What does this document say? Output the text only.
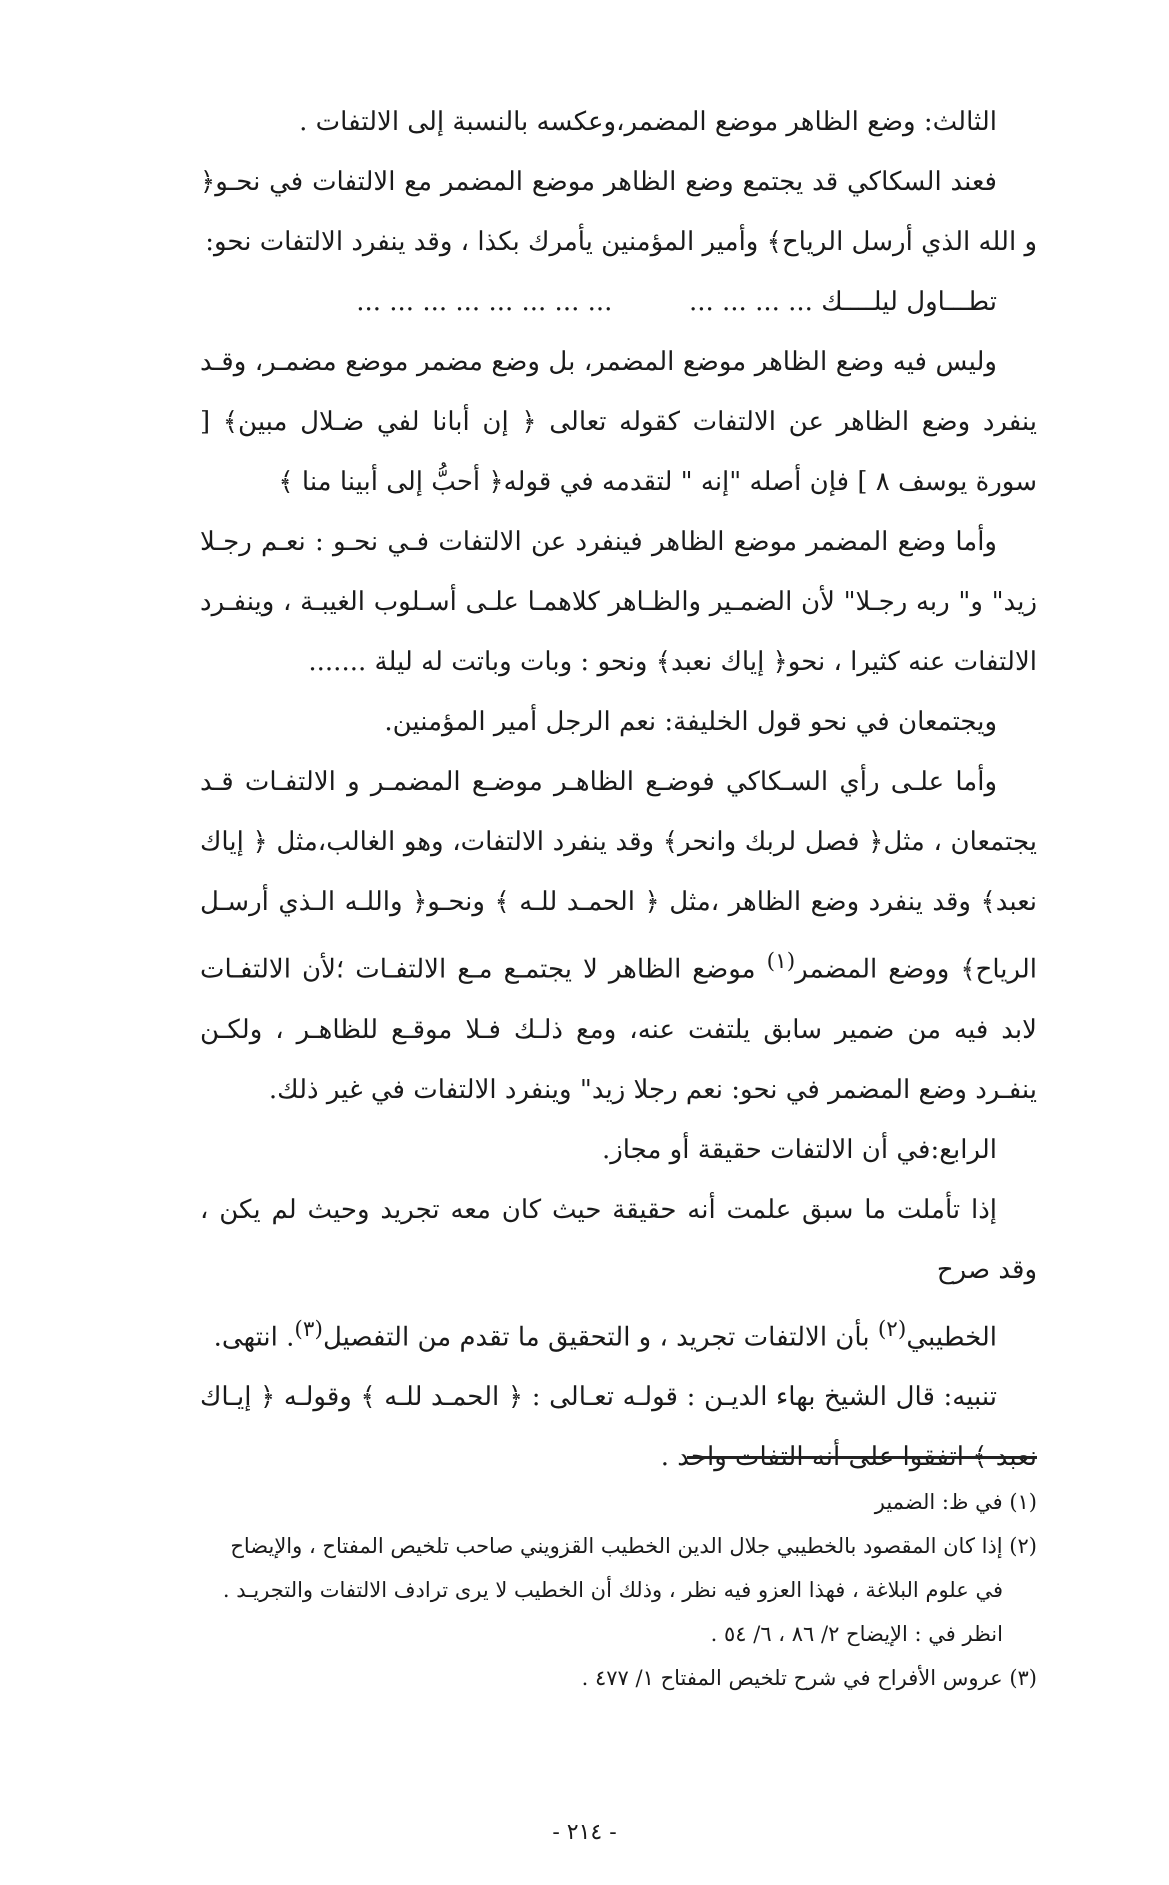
الثالث: وضع الظاهر موضع المضمر،وعكسه بالنسبة إلى الالتفات .

فعند السكاكي قد يجتمع وضع الظاهر موضع المضمر مع الالتفات في نحـو﴿ و الله الذي أرسل الرياح﴾ وأمير المؤمنين يأمرك بكذا ، وقد ينفرد الالتفات نحو:

تطـــاول ليلــــك ... ... ... ...  ... ... ... ... ... ... ... ...

وليس فيه وضع الظاهر موضع المضمر، بل وضع مضمر موضع مضمـر، وقـد ينفرد وضع الظاهر عن الالتفات كقوله تعالى ﴿ إن أبانا لفي ضـلال مبين﴾ [ سورة يوسف ٨ ] فإن أصله "إنه " لتقدمه في قوله﴿ أحبُّ إلى أبينا منا ﴾

وأما وضع المضمر موضع الظاهر فينفرد عن الالتفات فـي نحـو : نعـم رجـلا زيد" و" ربه رجـلا" لأن الضمـير والظـاهر كلاهمـا علـى أسـلوب الغيبـة ، وينفـرد الالتفات عنه كثيرا ، نحو﴿ إياك نعبد﴾ ونحو : وبات وباتت له ليلة .......

ويجتمعان في نحو قول الخليفة: نعم الرجل أمير المؤمنين.

وأما علـى رأي السـكاكي فوضـع الظاهـر موضـع المضمـر و الالتفـات قـد يجتمعان ، مثل﴿ فصل لربك وانحر﴾ وقد ينفرد الالتفات، وهو الغالب،مثل ﴿ إياك نعبد﴾ وقد ينفرد وضع الظاهر ،مثل ﴿ الحمـد للـه ﴾ ونحـو﴿ واللـه الـذي أرسـل الرياح﴾ ووضع المضمر$^{(١)}$ موضع الظاهر لا يجتمـع مـع الالتفـات ؛لأن الالتفـات لابد فيه من ضمير سابق يلتفت عنه، ومع ذلـك فـلا موقـع للظاهـر ، ولكـن ينفـرد وضع المضمر في نحو: نعم رجلا زيد" وينفرد الالتفات في غير ذلك.

الرابع:في أن الالتفات حقيقة أو مجاز.

إذا تأملت ما سبق علمت أنه حقيقة حيث كان معه تجريد وحيث لم يكن ، وقد صرح

الخطيبي$^{(٢)}$ بأن الالتفات تجريد ، و التحقيق ما تقدم من التفصيل$^{(٣)}$. انتهى.

تنبيه: قال الشيخ بهاء الديـن : قولـه تعـالى : ﴿ الحمـد للـه ﴾ وقولـه ﴿ إيـاك نعبد ﴾ اتفقوا على أنه التفات واحد .

(١) في ظ: الضمير

(٢) إذا كان المقصود بالخطيبي جلال الدين الخطيب القزويني صاحب تلخيص المفتاح ، والإيضاح

في علوم البلاغة ، فهذا العزو فيه نظر ، وذلك أن الخطيب لا يرى ترادف الالتفات والتجريـد .

انظر في : الإيضاح ٢/ ٨٦ ، ٦/ ٥٤ .

(٣) عروس الأفراح في شرح تلخيص المفتاح ١/ ٤٧٧ .

- ٢١٤ -
